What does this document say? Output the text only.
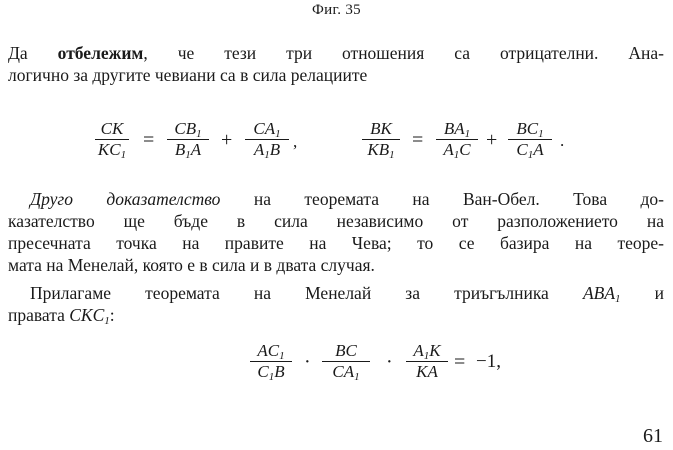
Фиг. 35
Да отбележим, че тези три отношения са отрицателни. Ана-
логично за другите чевиани са в сила релациите
CK
$KC_1$
=
$CB_1$
$B_1A$ +
$CA_1$
$A_1B$ ,
BK
$KB_1$
=
$BA_1$
$A_1C$ +
$BC_1$
$C_1A$ .
Друго доказателство на теоремата на Ван-Обел. Това до-
казателство ще бъде в сила независимо от разположението на
пресечната точка на правите на Чева; то се базира на теоре-
мата на Менелай, която е в сила и в двата случая.
Прилагаме теоремата на Менелай за триъгълника $ABA_1$ и
правата $CKC_1$:
$AC_1$
$C_1B$ ·
BC
$CA_1$
·
$A_1K$
KA = −1,
61
